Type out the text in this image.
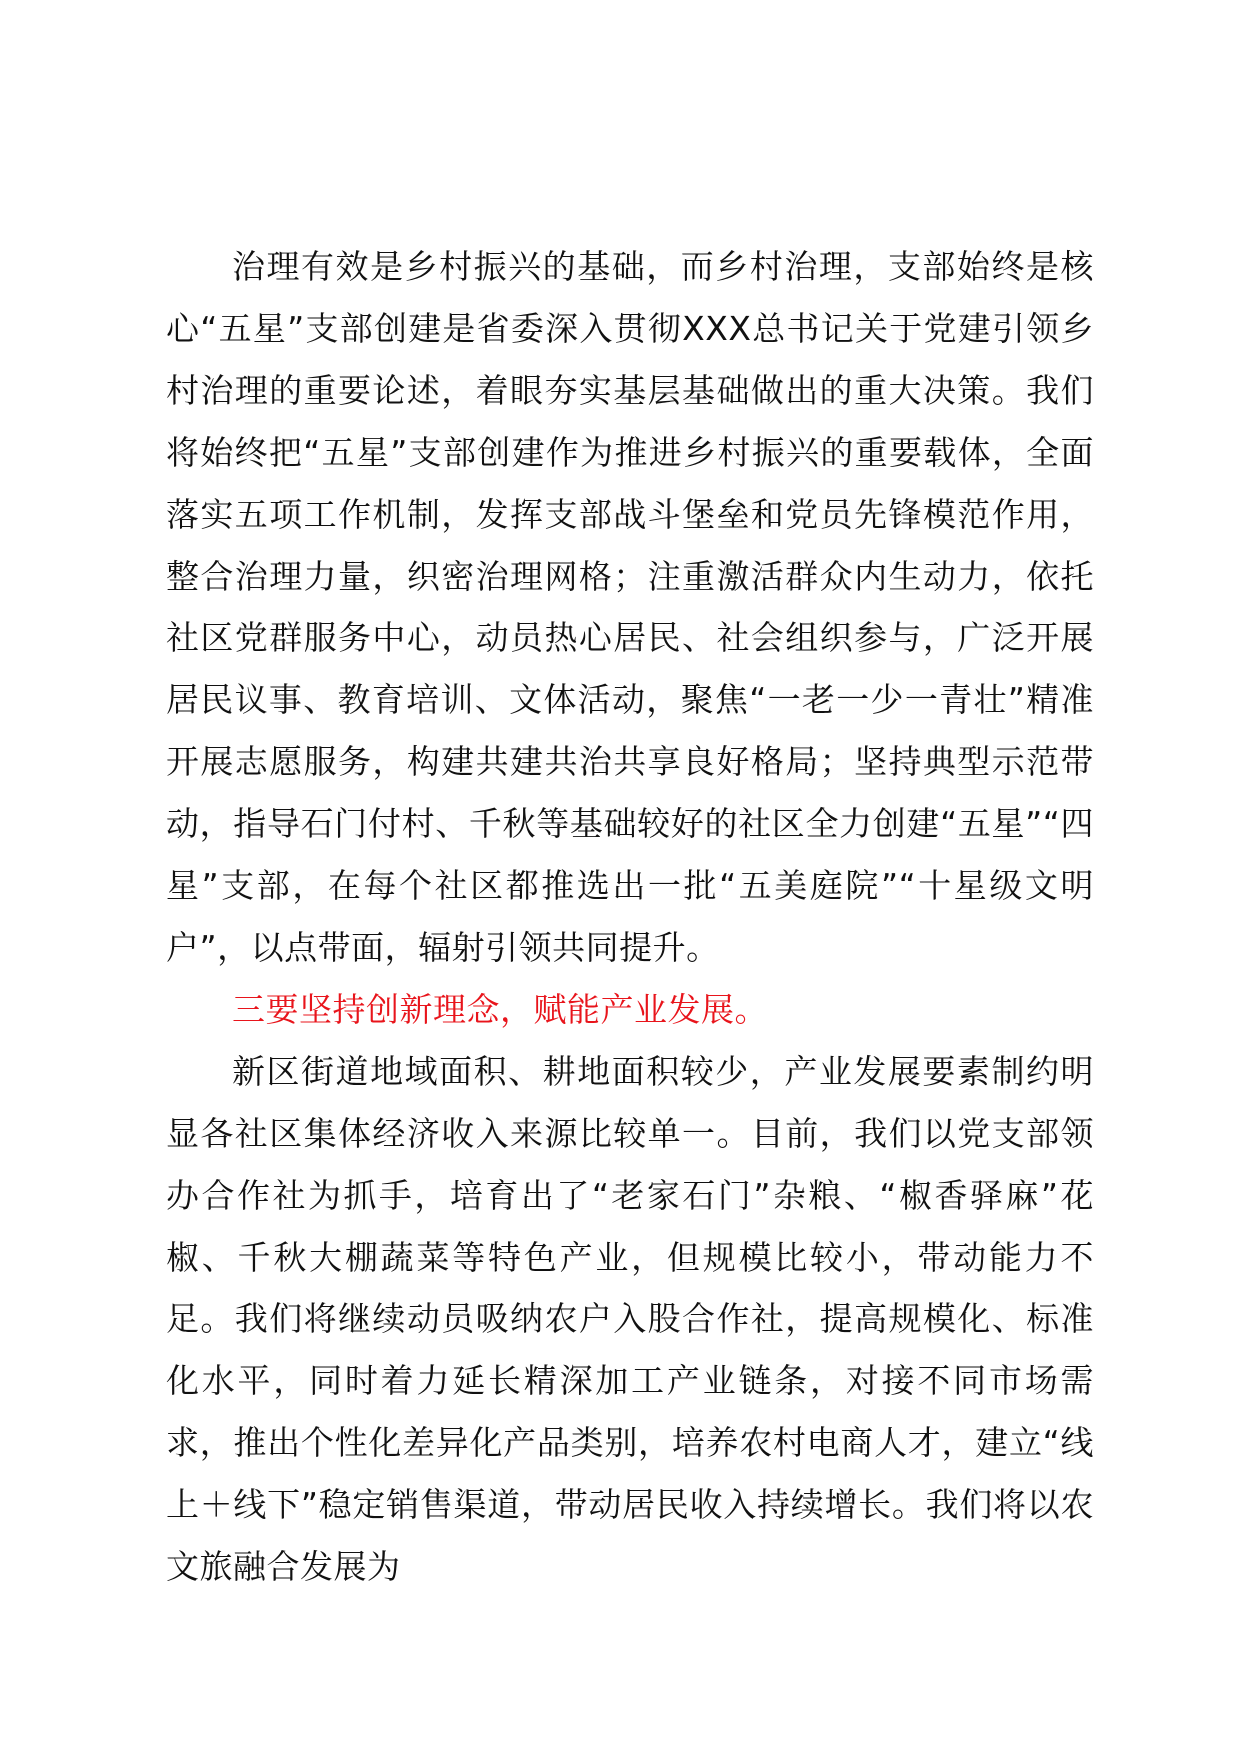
治理有效是乡村振兴的基础，而乡村治理，支部始终是核心“五星”支部创建是省委深入贯彻XXX总书记关于党建引领乡村治理的重要论述，着眼夯实基层基础做出的重大决策。我们将始终把“五星”支部创建作为推进乡村振兴的重要载体，全面落实五项工作机制，发挥支部战斗堡垒和党员先锋模范作用，整合治理力量，织密治理网格；注重激活群众内生动力，依托社区党群服务中心，动员热心居民、社会组织参与，广泛开展居民议事、教育培训、文体活动，聚焦“一老一少一青壮”精准开展志愿服务，构建共建共治共享良好格局；坚持典型示范带动，指导石门付村、千秋等基础较好的社区全力创建“五星”“四星”支部，在每个社区都推选出一批“五美庭院”“十星级文明户”，以点带面，辐射引领共同提升。

三要坚持创新理念，赋能产业发展。

新区街道地域面积、耕地面积较少，产业发展要素制约明显各社区集体经济收入来源比较单一。目前，我们以党支部领办合作社为抓手，培育出了“老家石门”杂粮、“椒香驿麻”花椒、千秋大棚蔬菜等特色产业，但规模比较小，带动能力不足。我们将继续动员吸纳农户入股合作社，提高规模化、标准化水平，同时着力延长精深加工产业链条，对接不同市场需求，推出个性化差异化产品类别，培养农村电商人才，建立“线上＋线下”稳定销售渠道，带动居民收入持续增长。我们将以农文旅融合发展为
